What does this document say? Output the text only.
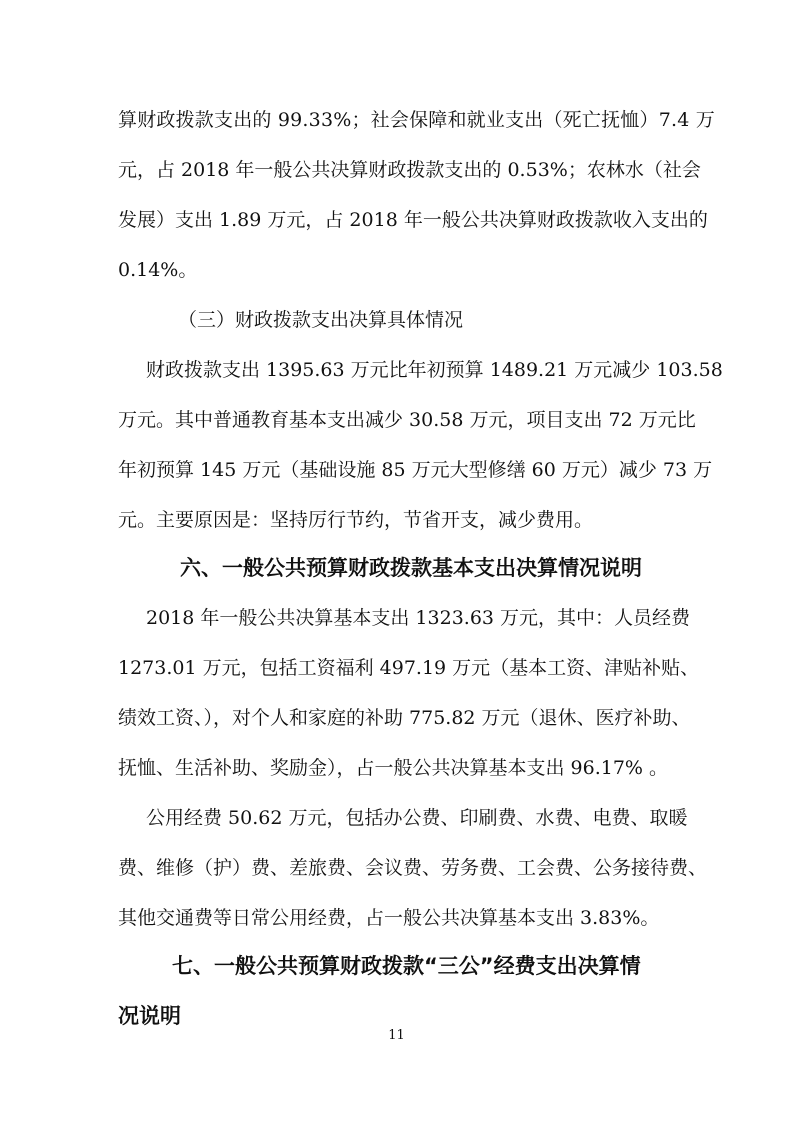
算财政拨款支出的 99.33%；社会保障和就业支出（死亡抚恤）7.4 万
元，占 2018 年一般公共决算财政拨款支出的 0.53%；农林水（社会
发展）支出 1.89 万元，占 2018 年一般公共决算财政拨款收入支出的
0.14%。
（三）财政拨款支出决算具体情况
财政拨款支出 1395.63 万元比年初预算 1489.21 万元减少 103.58
万元。其中普通教育基本支出减少 30.58 万元，项目支出 72 万元比
年初预算 145 万元（基础设施 85 万元大型修缮 60 万元）减少 73 万
元。主要原因是：坚持厉行节约，节省开支，减少费用。
六、一般公共预算财政拨款基本支出决算情况说明
2018 年一般公共决算基本支出 1323.63 万元，其中：人员经费
1273.01 万元，包括工资福利 497.19 万元（基本工资、津贴补贴、
绩效工资、），对个人和家庭的补助 775.82 万元（退休、医疗补助、
抚恤、生活补助、奖励金），占一般公共决算基本支出 96.17% 。
公用经费 50.62 万元，包括办公费、印刷费、水费、电费、取暖
费、维修（护）费、差旅费、会议费、劳务费、工会费、公务接待费、
其他交通费等日常公用经费，占一般公共决算基本支出 3.83%。
七、一般公共预算财政拨款“三公”经费支出决算情
况说明
11
